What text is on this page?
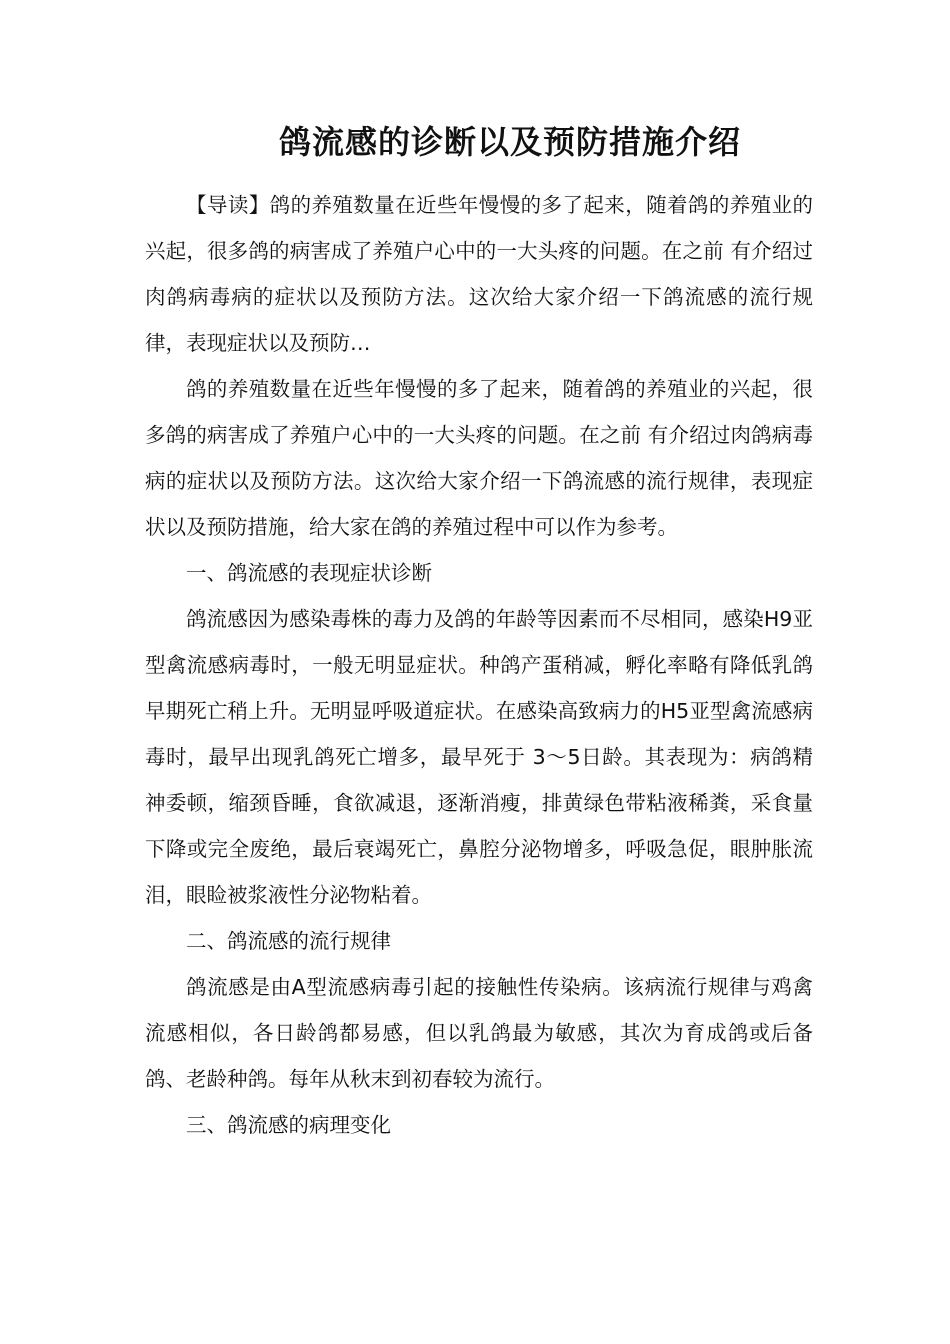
鸽流感的诊断以及预防措施介绍

【导读】鸽的养殖数量在近些年慢慢的多了起来，随着鸽的养殖业的兴起，很多鸽的病害成了养殖户心中的一大头疼的问题。在之前 有介绍过肉鸽病毒病的症状以及预防方法。这次给大家介绍一下鸽流感的流行规律，表现症状以及预防…

鸽的养殖数量在近些年慢慢的多了起来，随着鸽的养殖业的兴起，很多鸽的病害成了养殖户心中的一大头疼的问题。在之前 有介绍过肉鸽病毒病的症状以及预防方法。这次给大家介绍一下鸽流感的流行规律，表现症状以及预防措施，给大家在鸽的养殖过程中可以作为参考。

一、鸽流感的表现症状诊断

鸽流感因为感染毒株的毒力及鸽的年龄等因素而不尽相同，感染H9亚型禽流感病毒时，一般无明显症状。种鸽产蛋稍减，孵化率略有降低乳鸽早期死亡稍上升。无明显呼吸道症状。在感染高致病力的H5亚型禽流感病毒时，最早出现乳鸽死亡增多，最早死于 3～5日龄。其表现为：病鸽精神委顿，缩颈昏睡，食欲减退，逐渐消瘦，排黄绿色带粘液稀粪，采食量下降或完全废绝，最后衰竭死亡，鼻腔分泌物增多，呼吸急促，眼肿胀流泪，眼睑被浆液性分泌物粘着。

二、鸽流感的流行规律

鸽流感是由A型流感病毒引起的接触性传染病。该病流行规律与鸡禽流感相似，各日龄鸽都易感，但以乳鸽最为敏感，其次为育成鸽或后备鸽、老龄种鸽。每年从秋末到初春较为流行。

三、鸽流感的病理变化
